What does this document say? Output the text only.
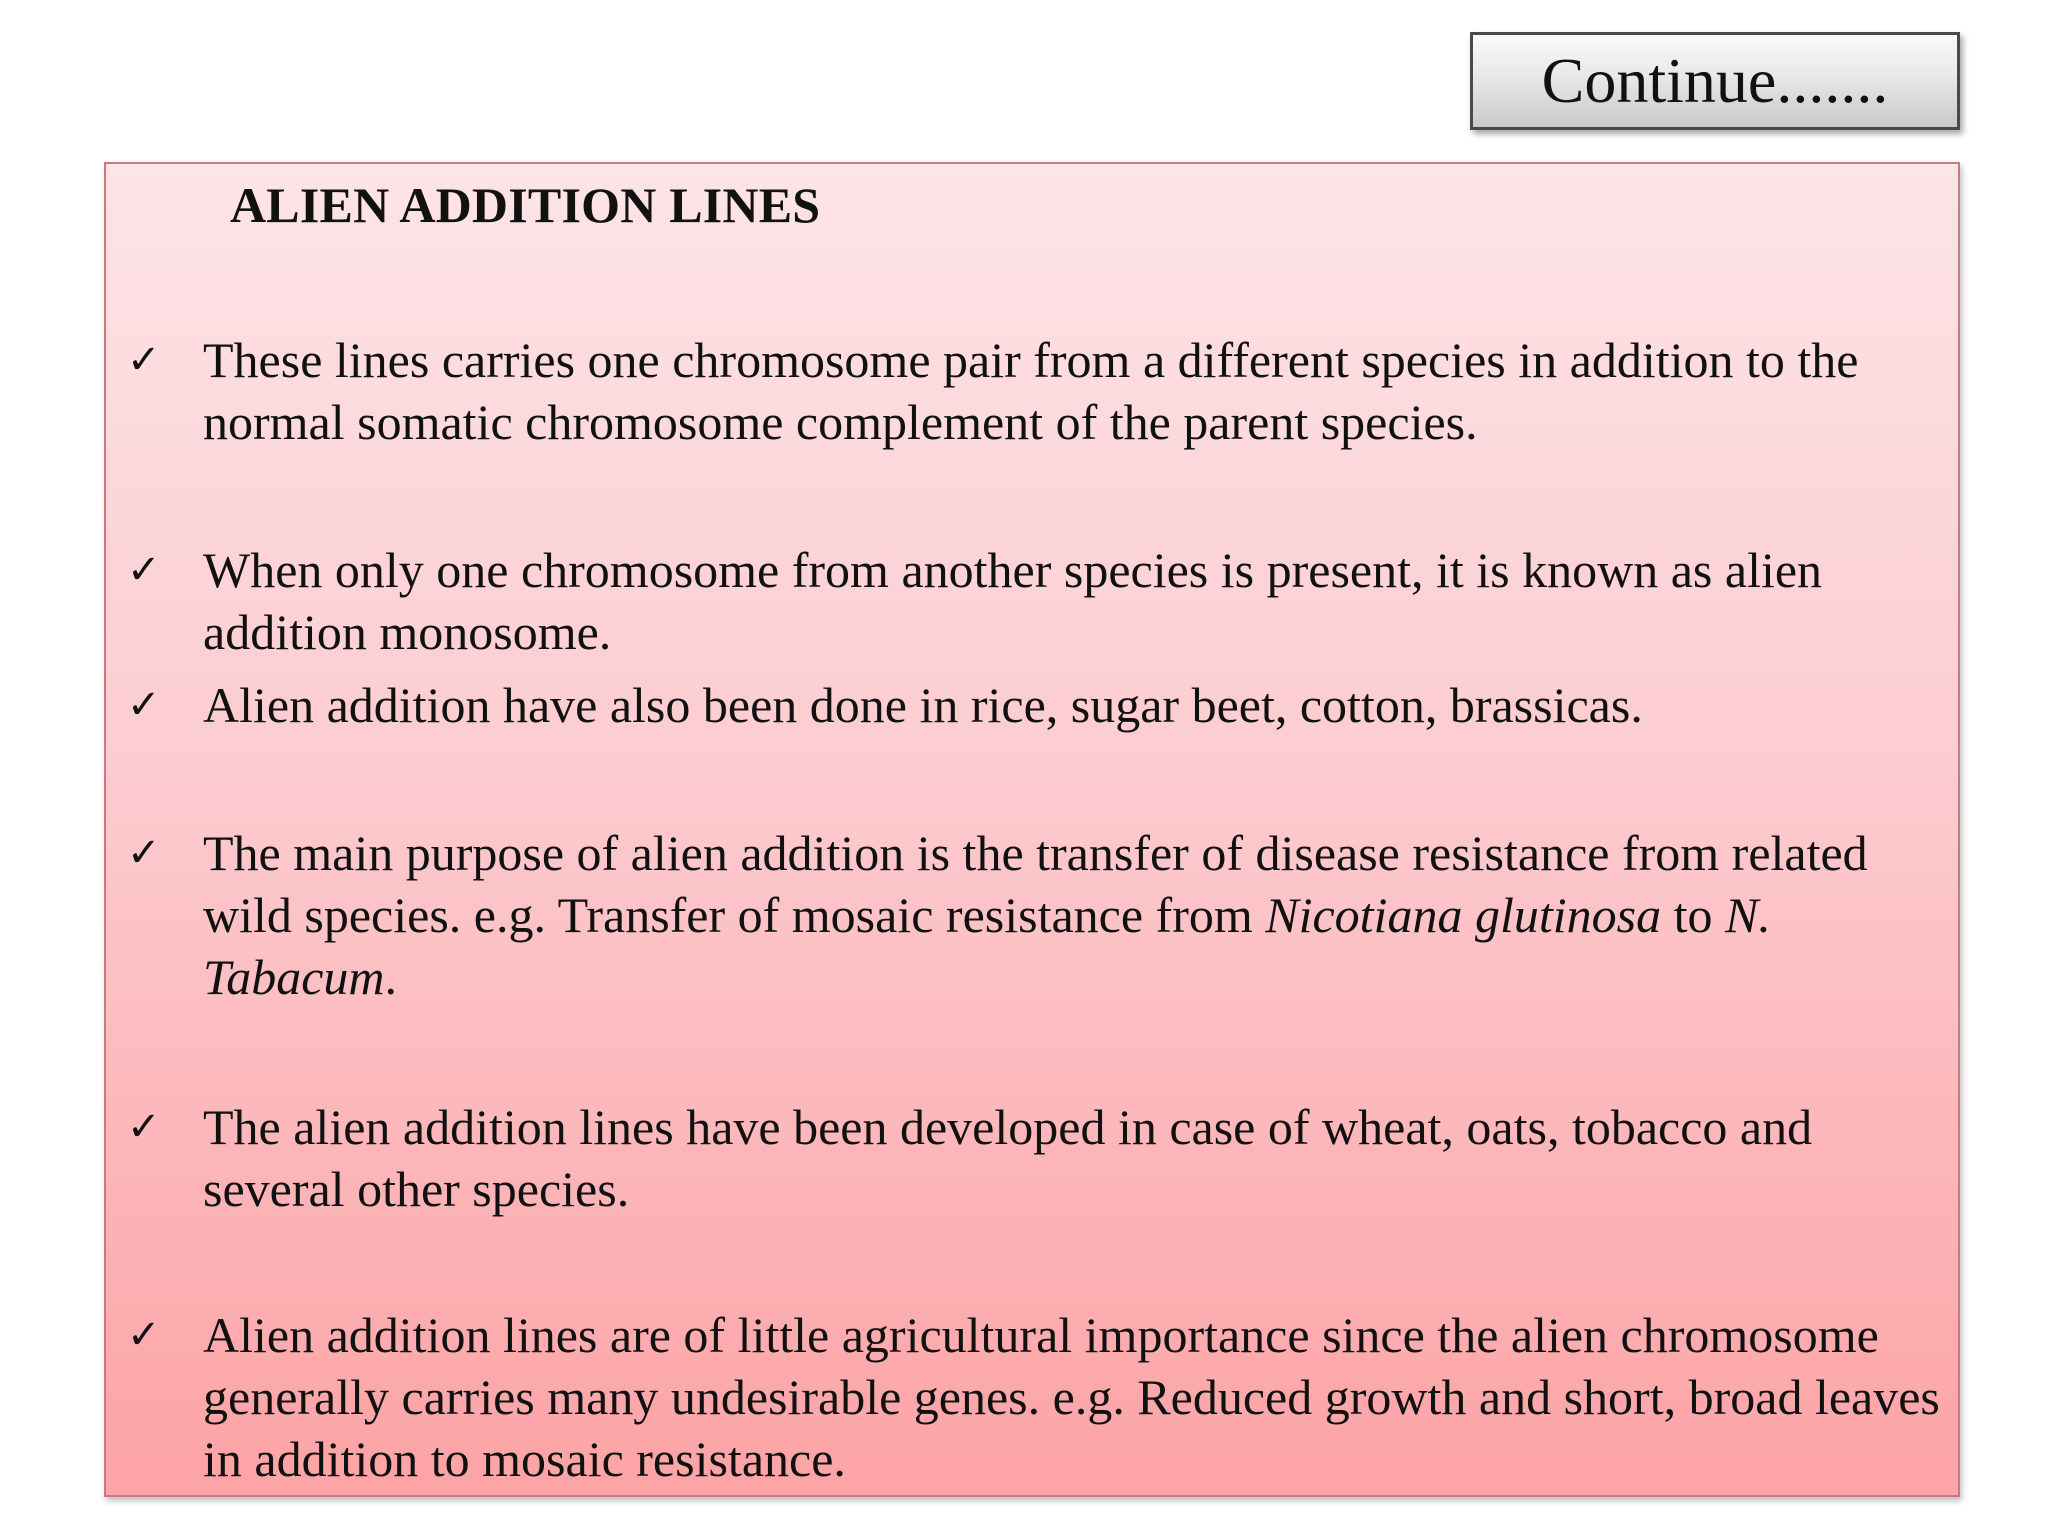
Continue.......
ALIEN ADDITION LINES
✓ These lines carries one chromosome pair from a different species in addition to the normal somatic chromosome complement of the parent species.

✓ When only one chromosome from another species is present, it is known as alien addition monosome.

✓ Alien addition have also been done in rice, sugar beet, cotton, brassicas.

✓ The main purpose of alien addition is the transfer of disease resistance from related wild species. e.g. Transfer of mosaic resistance from Nicotiana glutinosa to N. Tabacum.

✓ The alien addition lines have been developed in case of wheat, oats, tobacco and several other species.

✓ Alien addition lines are of little agricultural importance since the alien chromosome generally carries many undesirable genes. e.g. Reduced growth and short, broad leaves in addition to mosaic resistance.
